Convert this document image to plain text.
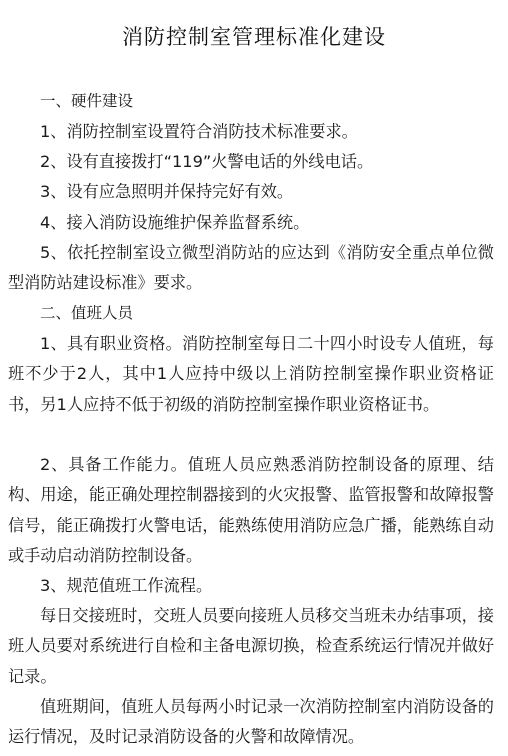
消防控制室管理标准化建设
一、硬件建设
1、消防控制室设置符合消防技术标准要求。
2、设有直接拨打“119”火警电话的外线电话。
3、设有应急照明并保持完好有效。
4、接入消防设施维护保养监督系统。
5、依托控制室设立微型消防站的应达到《消防安全重点单位微型消防站建设标准》要求。
二、值班人员
1、具有职业资格。消防控制室每日二十四小时设专人值班，每班不少于2人，其中1人应持中级以上消防控制室操作职业资格证书，另1人应持不低于初级的消防控制室操作职业资格证书。
2、具备工作能力。值班人员应熟悉消防控制设备的原理、结构、用途，能正确处理控制器接到的火灾报警、监管报警和故障报警信号，能正确拨打火警电话，能熟练使用消防应急广播，能熟练自动或手动启动消防控制设备。
3、规范值班工作流程。
每日交接班时，交班人员要向接班人员移交当班未办结事项，接班人员要对系统进行自检和主备电源切换，检查系统运行情况并做好记录。
值班期间，值班人员每两小时记录一次消防控制室内消防设备的运行情况，及时记录消防设备的火警和故障情况。
